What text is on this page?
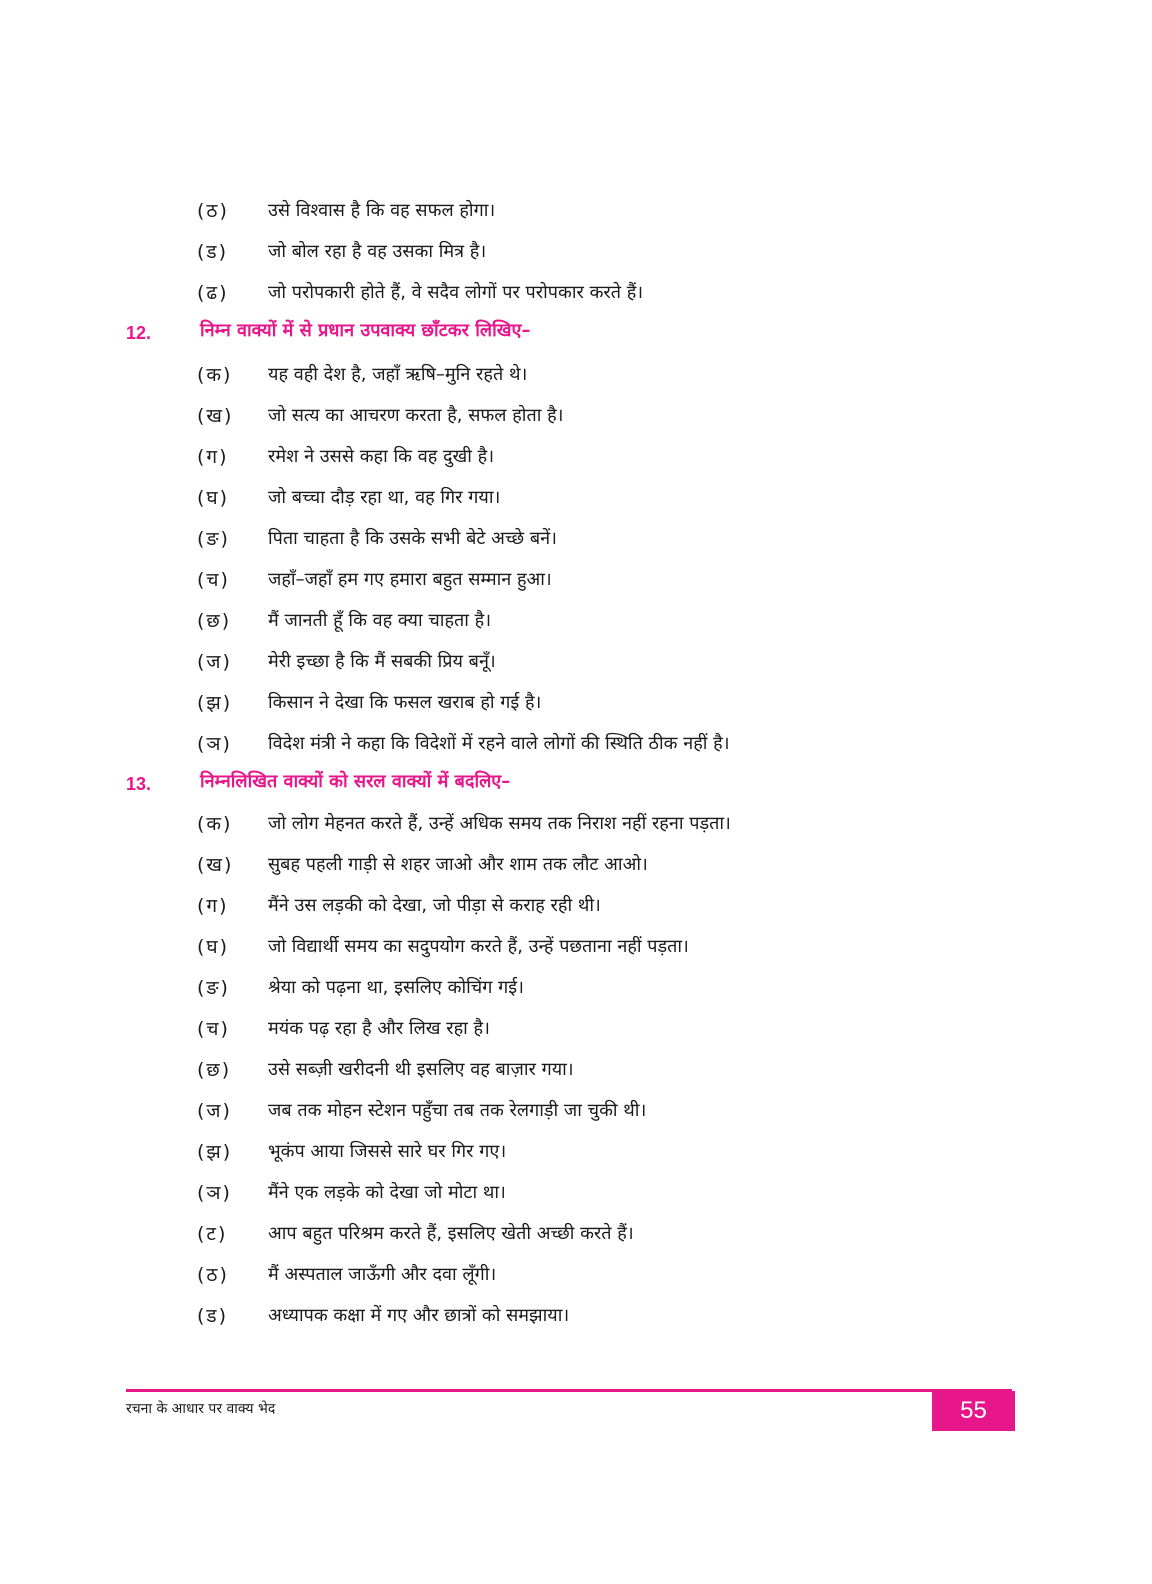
(ठ) उसे विश्वास है कि वह सफल होगा।
(ड) जो बोल रहा है वह उसका मित्र है।
(ढ) जो परोपकारी होते हैं, वे सदैव लोगों पर परोपकार करते हैं।
12.	निम्न वाक्यों में से प्रधान उपवाक्य छाँटकर लिखिए–
(क) यह वही देश है, जहाँ ऋषि–मुनि रहते थे।
(ख) जो सत्य का आचरण करता है, सफल होता है।
(ग) रमेश ने उससे कहा कि वह दुखी है।
(घ) जो बच्चा दौड़ रहा था, वह गिर गया।
(ङ) पिता चाहता है कि उसके सभी बेटे अच्छे बनें।
(च) जहाँ–जहाँ हम गए हमारा बहुत सम्मान हुआ।
(छ) मैं जानती हूँ कि वह क्या चाहता है।
(ज) मेरी इच्छा है कि मैं सबकी प्रिय बनूँ।
(झ) किसान ने देखा कि फसल खराब हो गई है।
(ञ) विदेश मंत्री ने कहा कि विदेशों में रहने वाले लोगों की स्थिति ठीक नहीं है।
13.	निम्नलिखित वाक्यों को सरल वाक्यों में बदलिए–
(क) जो लोग मेहनत करते हैं, उन्हें अधिक समय तक निराश नहीं रहना पड़ता।
(ख) सुबह पहली गाड़ी से शहर जाओ और शाम तक लौट आओ।
(ग) मैंने उस लड़की को देखा, जो पीड़ा से कराह रही थी।
(घ) जो विद्यार्थी समय का सदुपयोग करते हैं, उन्हें पछताना नहीं पड़ता।
(ङ) श्रेया को पढ़ना था, इसलिए कोचिंग गई।
(च) मयंक पढ़ रहा है और लिख रहा है।
(छ) उसे सब्ज़ी खरीदनी थी इसलिए वह बाज़ार गया।
(ज) जब तक मोहन स्टेशन पहुँचा तब तक रेलगाड़ी जा चुकी थी।
(झ) भूकंप आया जिससे सारे घर गिर गए।
(ञ) मैंने एक लड़के को देखा जो मोटा था।
(ट) आप बहुत परिश्रम करते हैं, इसलिए खेती अच्छी करते हैं।
(ठ) मैं अस्पताल जाऊँगी और दवा लूँगी।
(ड) अध्यापक कक्षा में गए और छात्रों को समझाया।
रचना के आधार पर वाक्य भेद	55
